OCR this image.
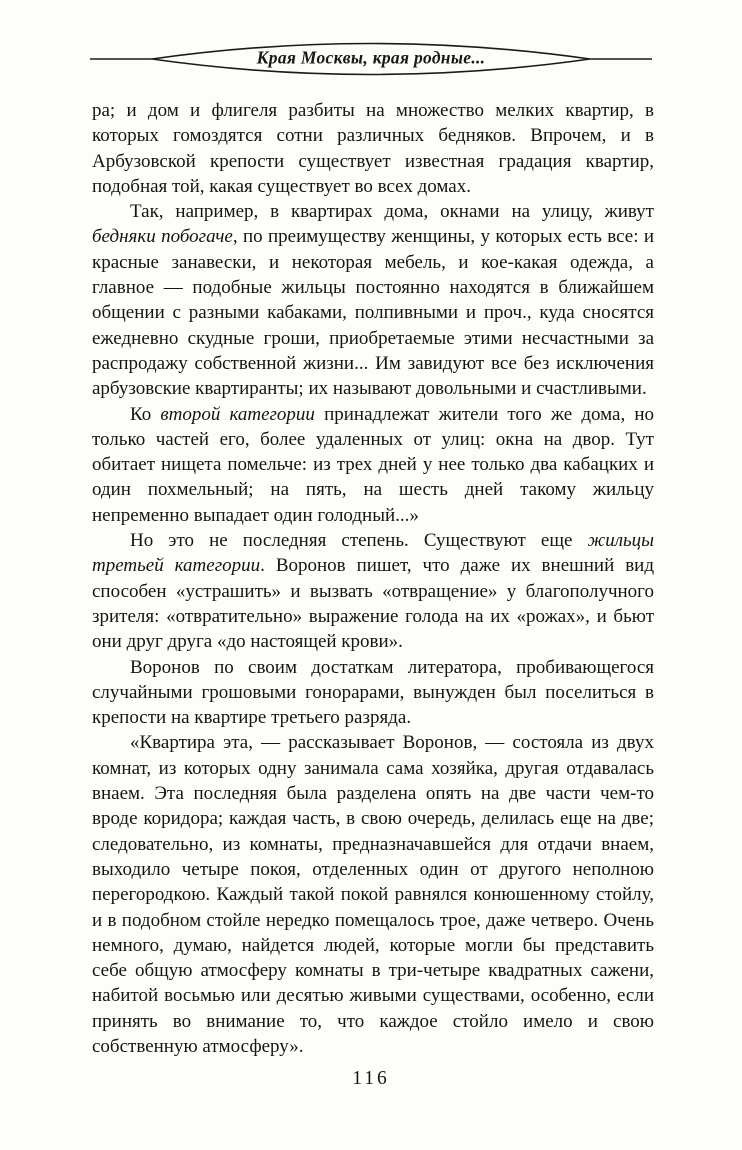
Края Москвы, края родные...

ра; и дом и флигеля разбиты на множество мелких квартир, в которых гомоздятся сотни различных бедняков. Впрочем, и в Арбузовской крепости существует известная градация квартир, подобная той, какая существует во всех домах.

Так, например, в квартирах дома, окнами на улицу, живут бедняки побогаче, по преимуществу женщины, у которых есть все: и красные занавески, и некоторая мебель, и кое-какая одежда, а главное — подобные жильцы постоянно находятся в ближайшем общении с разными кабаками, полпивными и проч., куда сносятся ежедневно скудные гроши, приобретаемые этими несчастными за распродажу собственной жизни... Им завидуют все без исключения арбузовские квартиранты; их называют довольными и счастливыми.

Ко второй категории принадлежат жители того же дома, но только частей его, более удаленных от улиц: окна на двор. Тут обитает нищета помельче: из трех дней у нее только два кабацких и один похмельный; на пять, на шесть дней такому жильцу непременно выпадает один голодный...»

Но это не последняя степень. Существуют еще жильцы третьей категории. Воронов пишет, что даже их внешний вид способен «устрашить» и вызвать «отвращение» у благополучного зрителя: «отвратительно» выражение голода на их «рожах», и бьют они друг друга «до настоящей крови».

Воронов по своим достаткам литератора, пробивающегося случайными грошовыми гонорарами, вынужден был поселиться в крепости на квартире третьего разряда.

«Квартира эта, — рассказывает Воронов, — состояла из двух комнат, из которых одну занимала сама хозяйка, другая отдавалась внаем. Эта последняя была разделена опять на две части чем-то вроде коридора; каждая часть, в свою очередь, делилась еще на две; следовательно, из комнаты, предназначавшейся для отдачи внаем, выходило четыре покоя, отделенных один от другого неполною перегородкою. Каждый такой покой равнялся конюшенному стойлу, и в подобном стойле нередко помещалось трое, даже четверо. Очень немного, думаю, найдется людей, которые могли бы представить себе общую атмосферу комнаты в три-четыре квадратных сажени, набитой восьмью или десятью живыми существами, особенно, если принять во внимание то, что каждое стойло имело и свою собственную атмосферу».

116
